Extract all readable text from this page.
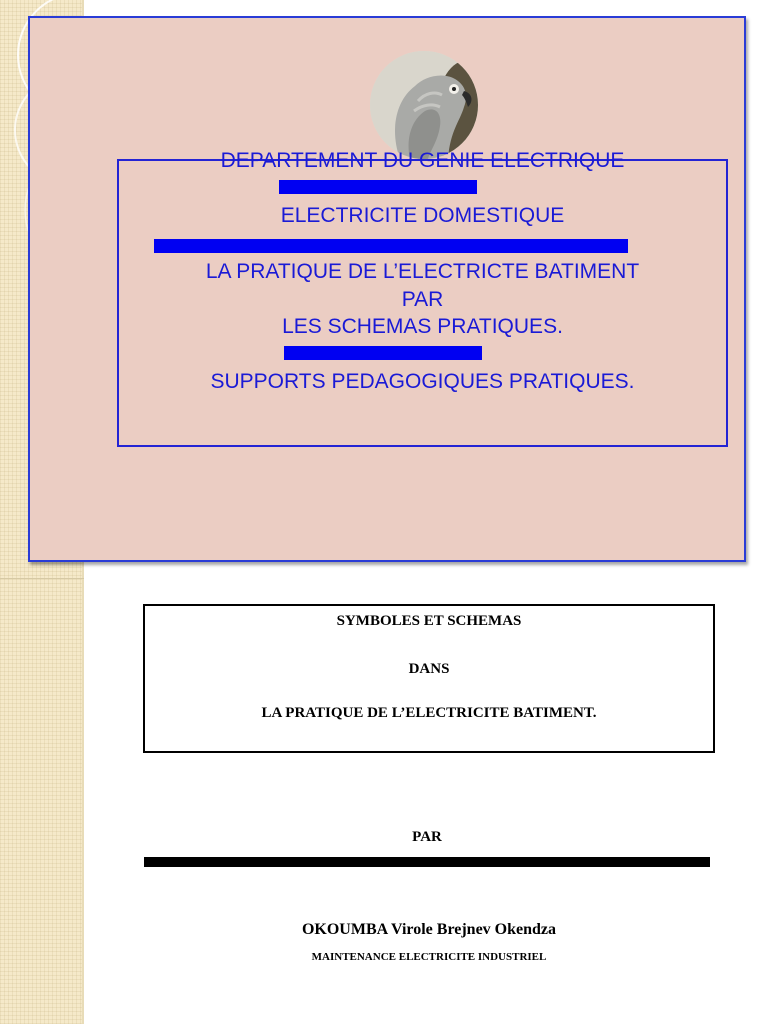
DEPARTEMENT DU GENIE ELECTRIQUE
ELECTRICITE DOMESTIQUE
LA PRATIQUE DE L’ELECTRICTE BATIMENT
PAR
LES SCHEMAS PRATIQUES.
SUPPORTS PEDAGOGIQUES PRATIQUES.
SYMBOLES ET SCHEMAS
DANS
LA PRATIQUE DE L’ELECTRICITE BATIMENT.
PAR
OKOUMBA Virole Brejnev Okendza
MAINTENANCE ELECTRICITE INDUSTRIEL
